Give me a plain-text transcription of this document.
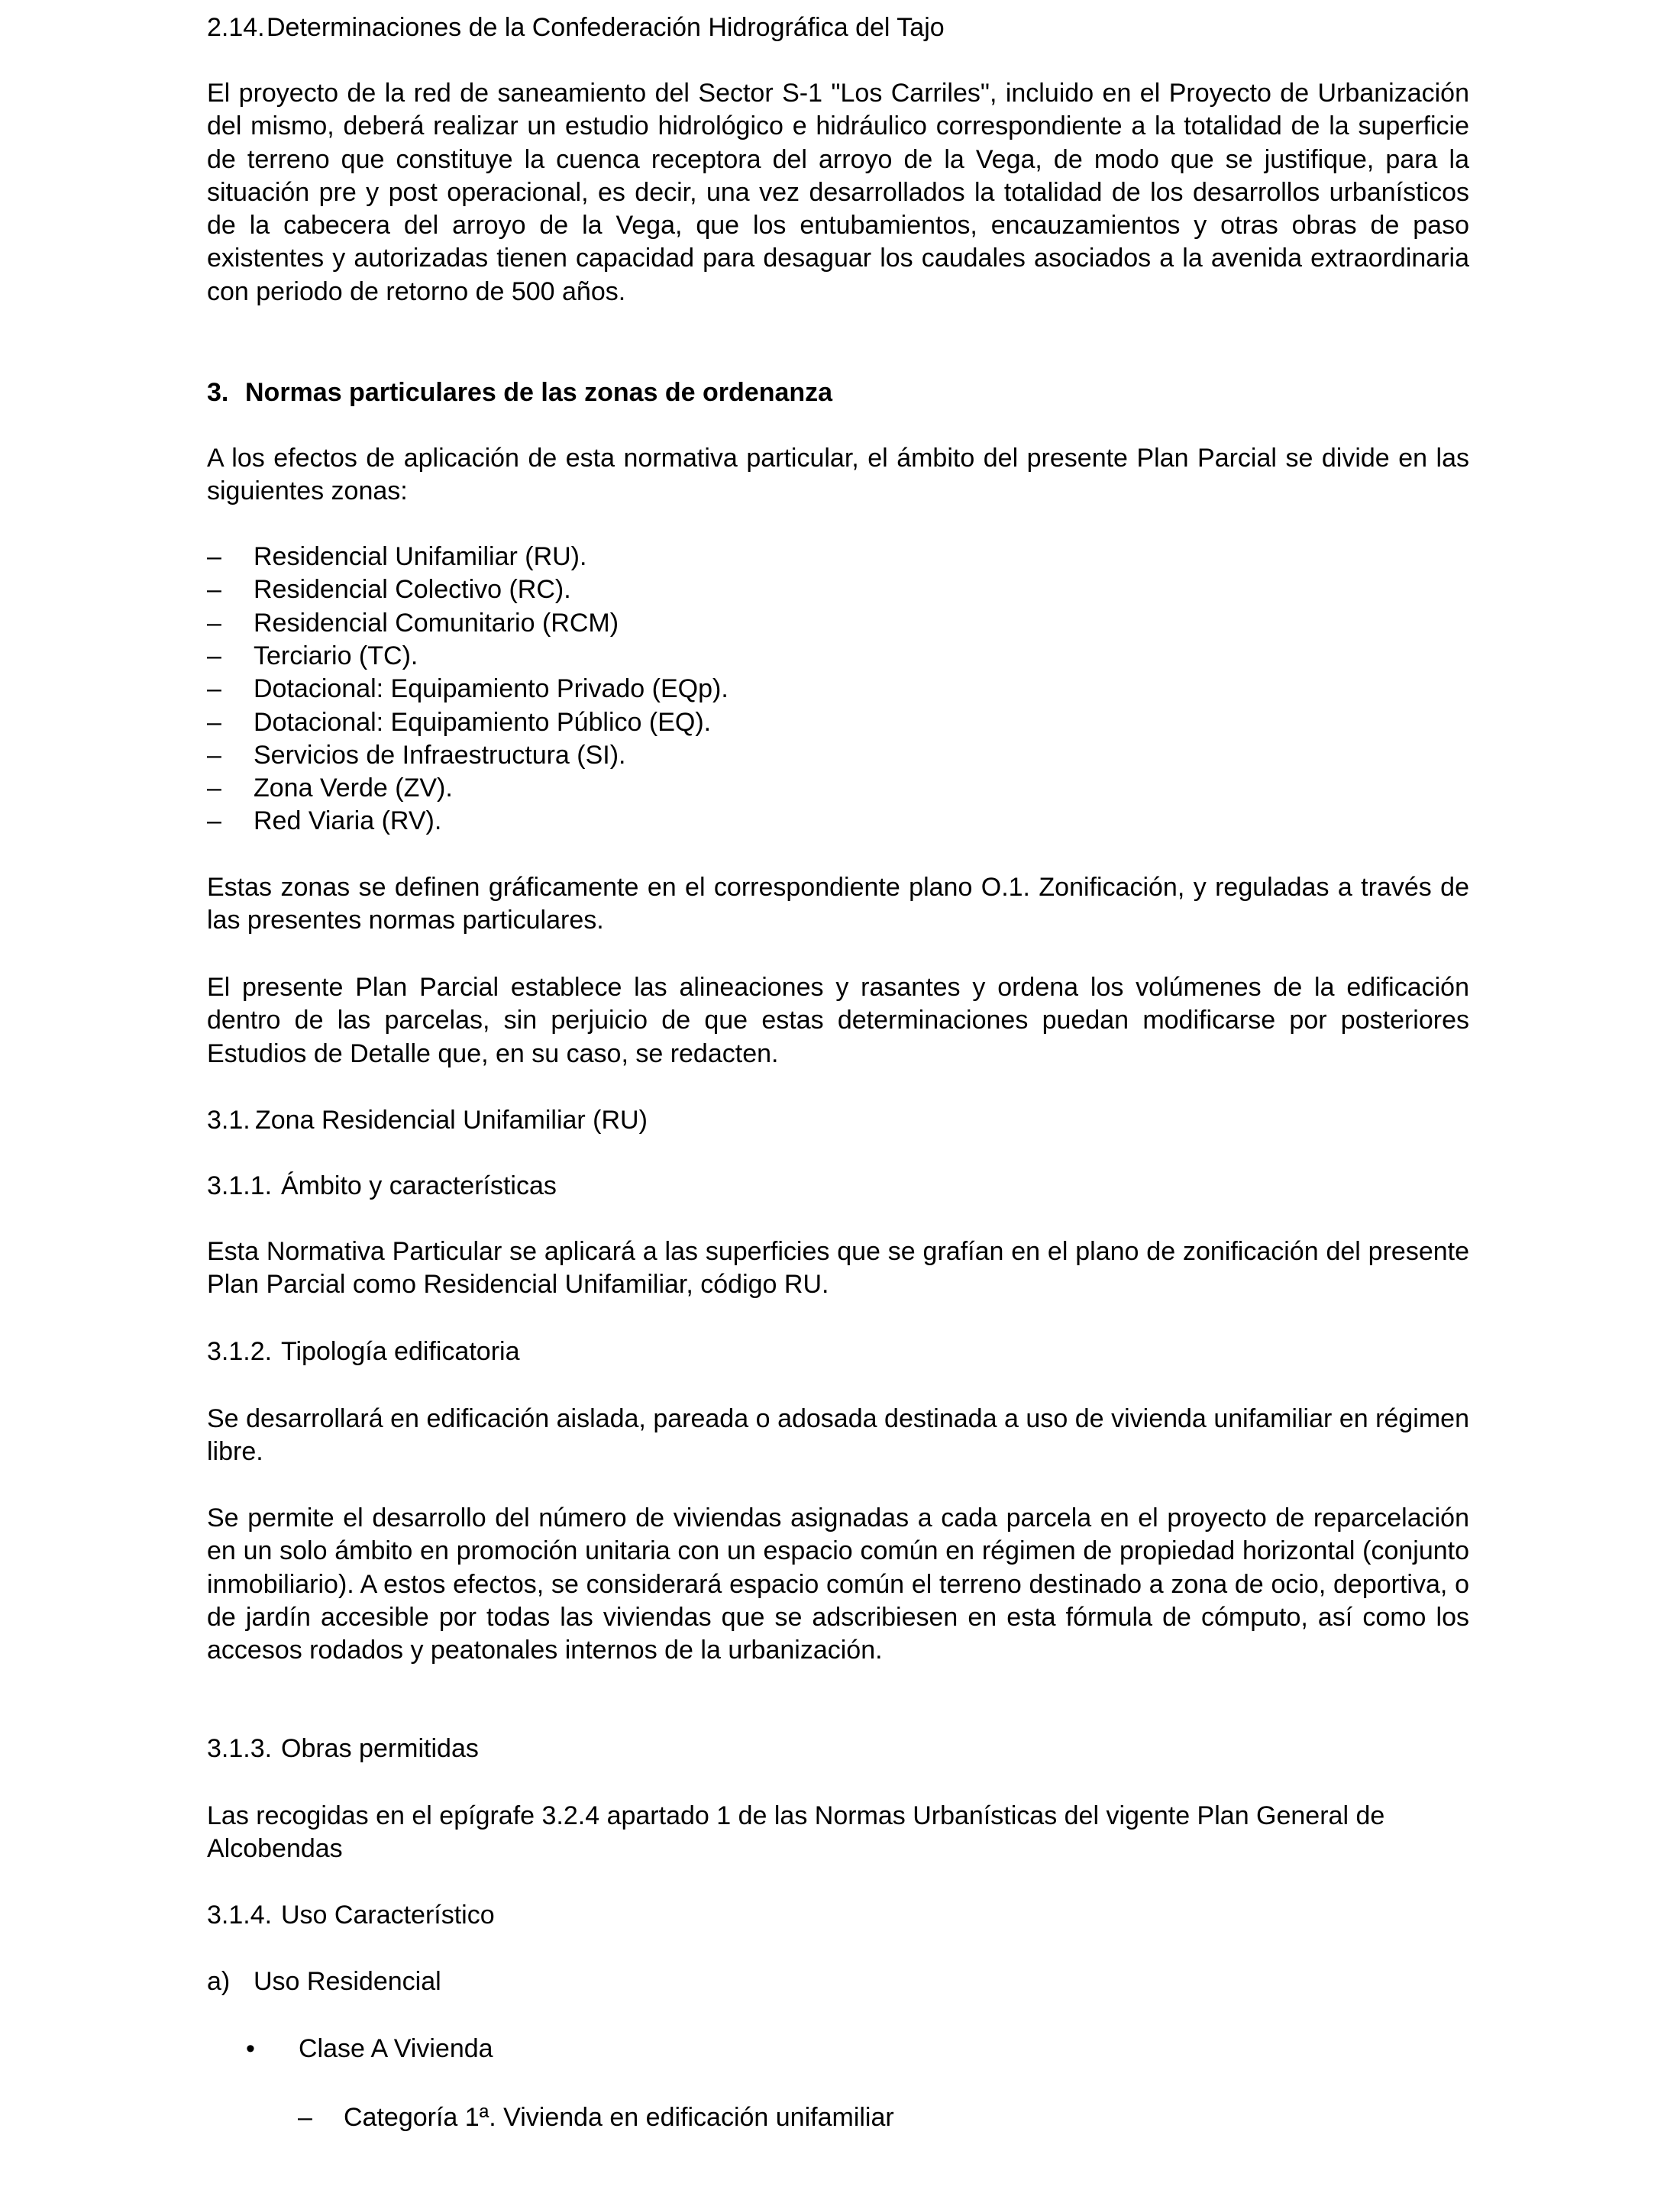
2.14. Determinaciones de la Confederación Hidrográfica del Tajo

El proyecto de la red de saneamiento del Sector S-1 "Los Carriles", incluido en el Proyecto de Urbanización del mismo, deberá realizar un estudio hidrológico e hidráulico correspondiente a la totalidad de la superficie de terreno que constituye la cuenca receptora del arroyo de la Vega, de modo que se justifique, para la situación pre y post operacional, es decir, una vez desarrollados la totalidad de los desarrollos urbanísticos de la cabecera del arroyo de la Vega, que los entubamientos, encauzamientos y otras obras de paso existentes y autorizadas tienen capacidad para desaguar los caudales asociados a la avenida extraordinaria con periodo de retorno de 500 años.

3. Normas particulares de las zonas de ordenanza

A los efectos de aplicación de esta normativa particular, el ámbito del presente Plan Parcial se divide en las siguientes zonas:

– Residencial Unifamiliar (RU).
– Residencial Colectivo (RC).
– Residencial Comunitario (RCM)
– Terciario (TC).
– Dotacional: Equipamiento Privado (EQp).
– Dotacional: Equipamiento Público (EQ).
– Servicios de Infraestructura (SI).
– Zona Verde (ZV).
– Red Viaria (RV).

Estas zonas se definen gráficamente en el correspondiente plano O.1. Zonificación, y reguladas a través de las presentes normas particulares.

El presente Plan Parcial establece las alineaciones y rasantes y ordena los volúmenes de la edificación dentro de las parcelas, sin perjuicio de que estas determinaciones puedan modificarse por posteriores Estudios de Detalle que, en su caso, se redacten.

3.1. Zona Residencial Unifamiliar (RU)
3.1.1. Ámbito y características

Esta Normativa Particular se aplicará a las superficies que se grafían en el plano de zonificación del presente Plan Parcial como Residencial Unifamiliar, código RU.

3.1.2. Tipología edificatoria

Se desarrollará en edificación aislada, pareada o adosada destinada a uso de vivienda unifamiliar en régimen libre.

Se permite el desarrollo del número de viviendas asignadas a cada parcela en el proyecto de reparcelación en un solo ámbito en promoción unitaria con un espacio común en régimen de propiedad horizontal (conjunto inmobiliario). A estos efectos, se considerará espacio común el terreno destinado a zona de ocio, deportiva, o de jardín accesible por todas las viviendas que se adscribiesen en esta fórmula de cómputo, así como los accesos rodados y peatonales internos de la urbanización.

3.1.3. Obras permitidas

Las recogidas en el epígrafe 3.2.4 apartado 1 de las Normas Urbanísticas del vigente Plan General de Alcobendas

3.1.4. Uso Característico
a) Uso Residencial
• Clase A Vivienda
– Categoría 1ª. Vivienda en edificación unifamiliar
